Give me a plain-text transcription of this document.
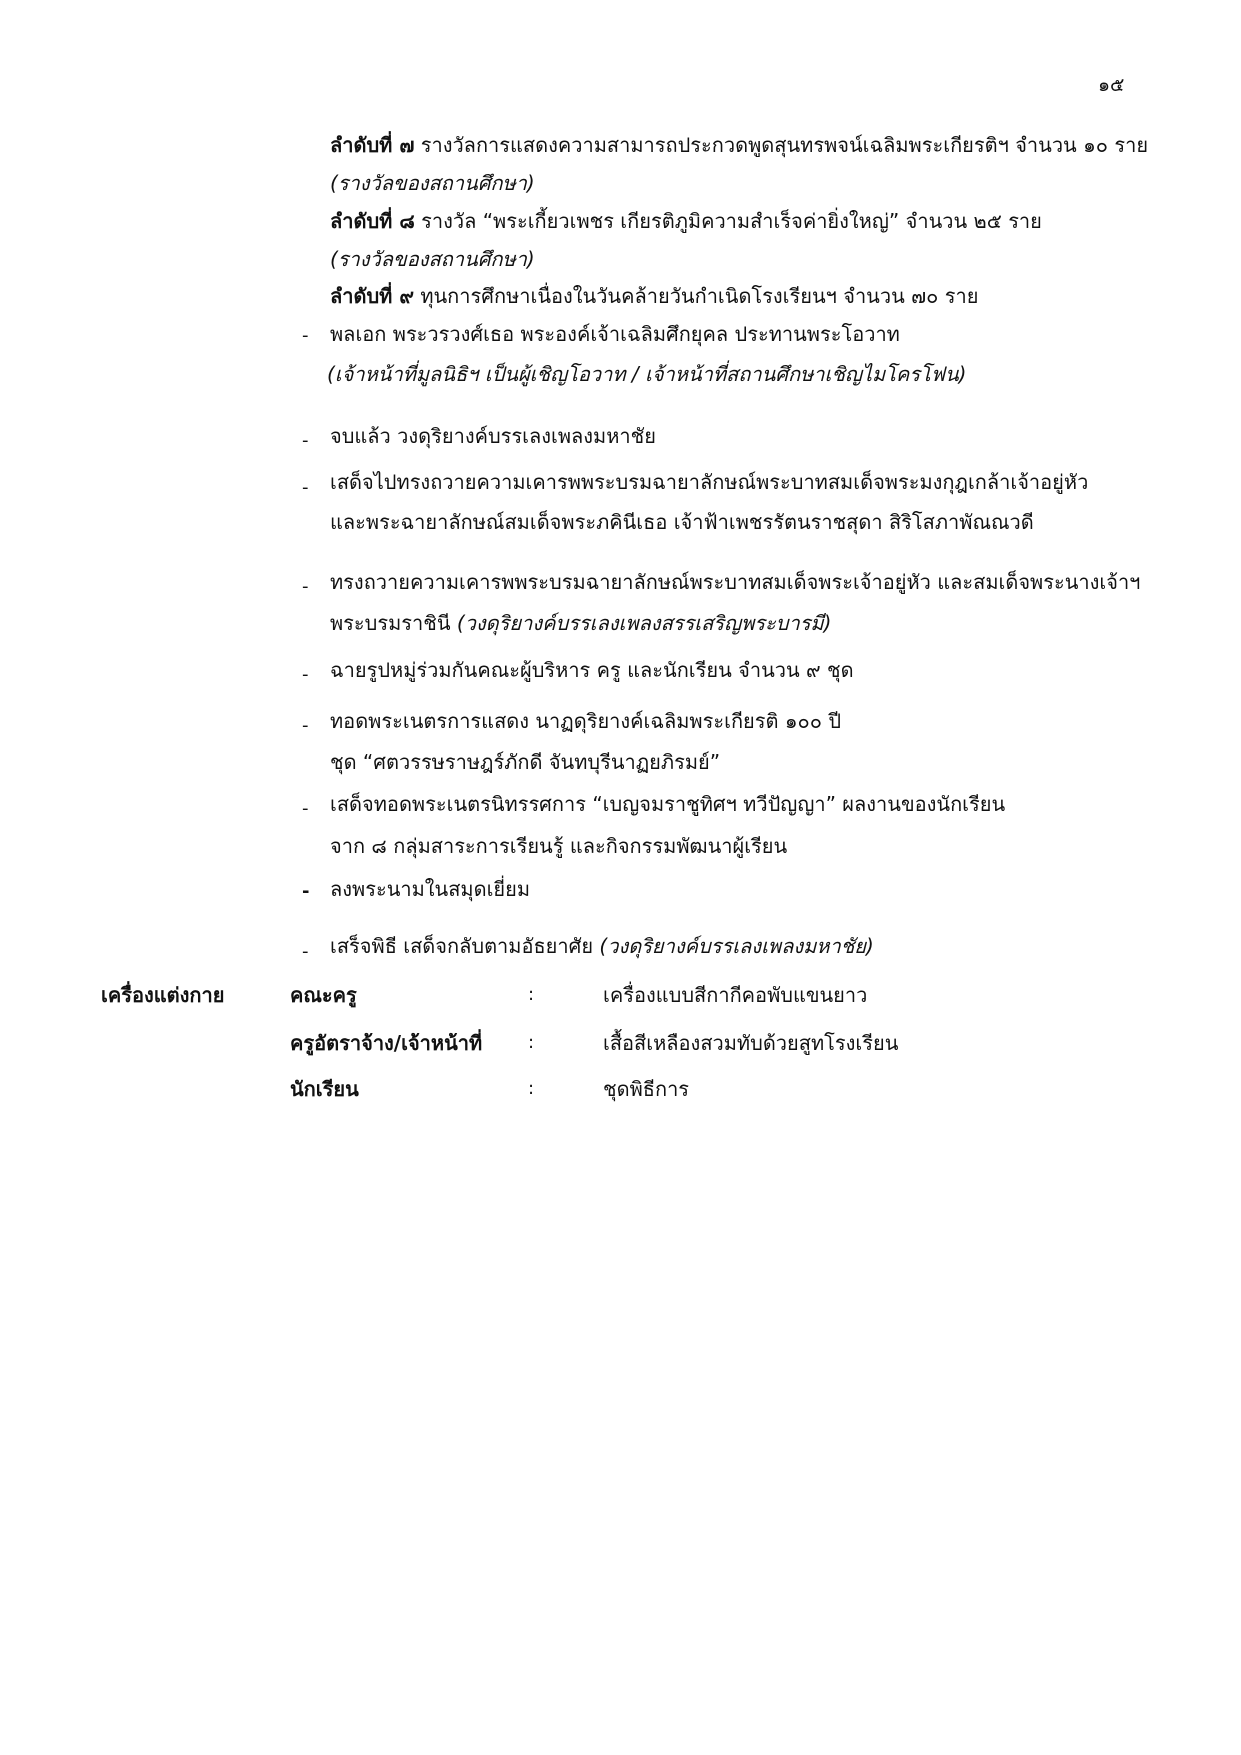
๑๕
ลำดับที่ ๗ รางวัลการแสดงความสามารถประกวดพูดสุนทรพจน์เฉลิมพระเกียรติฯ จำนวน ๑๐ ราย
(รางวัลของสถานศึกษา)
ลำดับที่ ๘ รางวัล “พระเกี้ยวเพชร เกียรติภูมิความสำเร็จค่ายิ่งใหญ่” จำนวน ๒๕ ราย
(รางวัลของสถานศึกษา)
ลำดับที่ ๙ ทุนการศึกษาเนื่องในวันคล้ายวันกำเนิดโรงเรียนฯ จำนวน ๗๐ ราย
- พลเอก พระวรวงศ์เธอ พระองค์เจ้าเฉลิมศึกยุคล ประทานพระโอวาท
(เจ้าหน้าที่มูลนิธิฯ เป็นผู้เชิญโอวาท / เจ้าหน้าที่สถานศึกษาเชิญไมโครโฟน)
- จบแล้ว วงดุริยางค์บรรเลงเพลงมหาชัย
- เสด็จไปทรงถวายความเคารพพระบรมฉายาลักษณ์พระบาทสมเด็จพระมงกุฎเกล้าเจ้าอยู่หัว
และพระฉายาลักษณ์สมเด็จพระภคินีเธอ เจ้าฟ้าเพชรรัตนราชสุดา สิริโสภาพัณณวดี
- ทรงถวายความเคารพพระบรมฉายาลักษณ์พระบาทสมเด็จพระเจ้าอยู่หัว และสมเด็จพระนางเจ้าฯ
พระบรมราชินี (วงดุริยางค์บรรเลงเพลงสรรเสริญพระบารมี)
- ฉายรูปหมู่ร่วมกันคณะผู้บริหาร ครู และนักเรียน จำนวน ๙ ชุด
- ทอดพระเนตรการแสดง นาฏดุริยางค์เฉลิมพระเกียรติ ๑๐๐ ปี
ชุด “ศตวรรษราษฎร์ภักดี จันทบุรีนาฏยภิรมย์”
- เสด็จทอดพระเนตรนิทรรศการ “เบญจมราชูทิศฯ ทวีปัญญา” ผลงานของนักเรียน
จาก ๘ กลุ่มสาระการเรียนรู้ และกิจกรรมพัฒนาผู้เรียน
- ลงพระนามในสมุดเยี่ยม
- เสร็จพิธี เสด็จกลับตามอัธยาศัย (วงดุริยางค์บรรเลงเพลงมหาชัย)
เครื่องแต่งกาย	คณะครู	:	เครื่องแบบสีกากีคอพับแขนยาว
ครูอัตราจ้าง/เจ้าหน้าที่	:	เสื้อสีเหลืองสวมทับด้วยสูทโรงเรียน
นักเรียน	:	ชุดพิธีการ
